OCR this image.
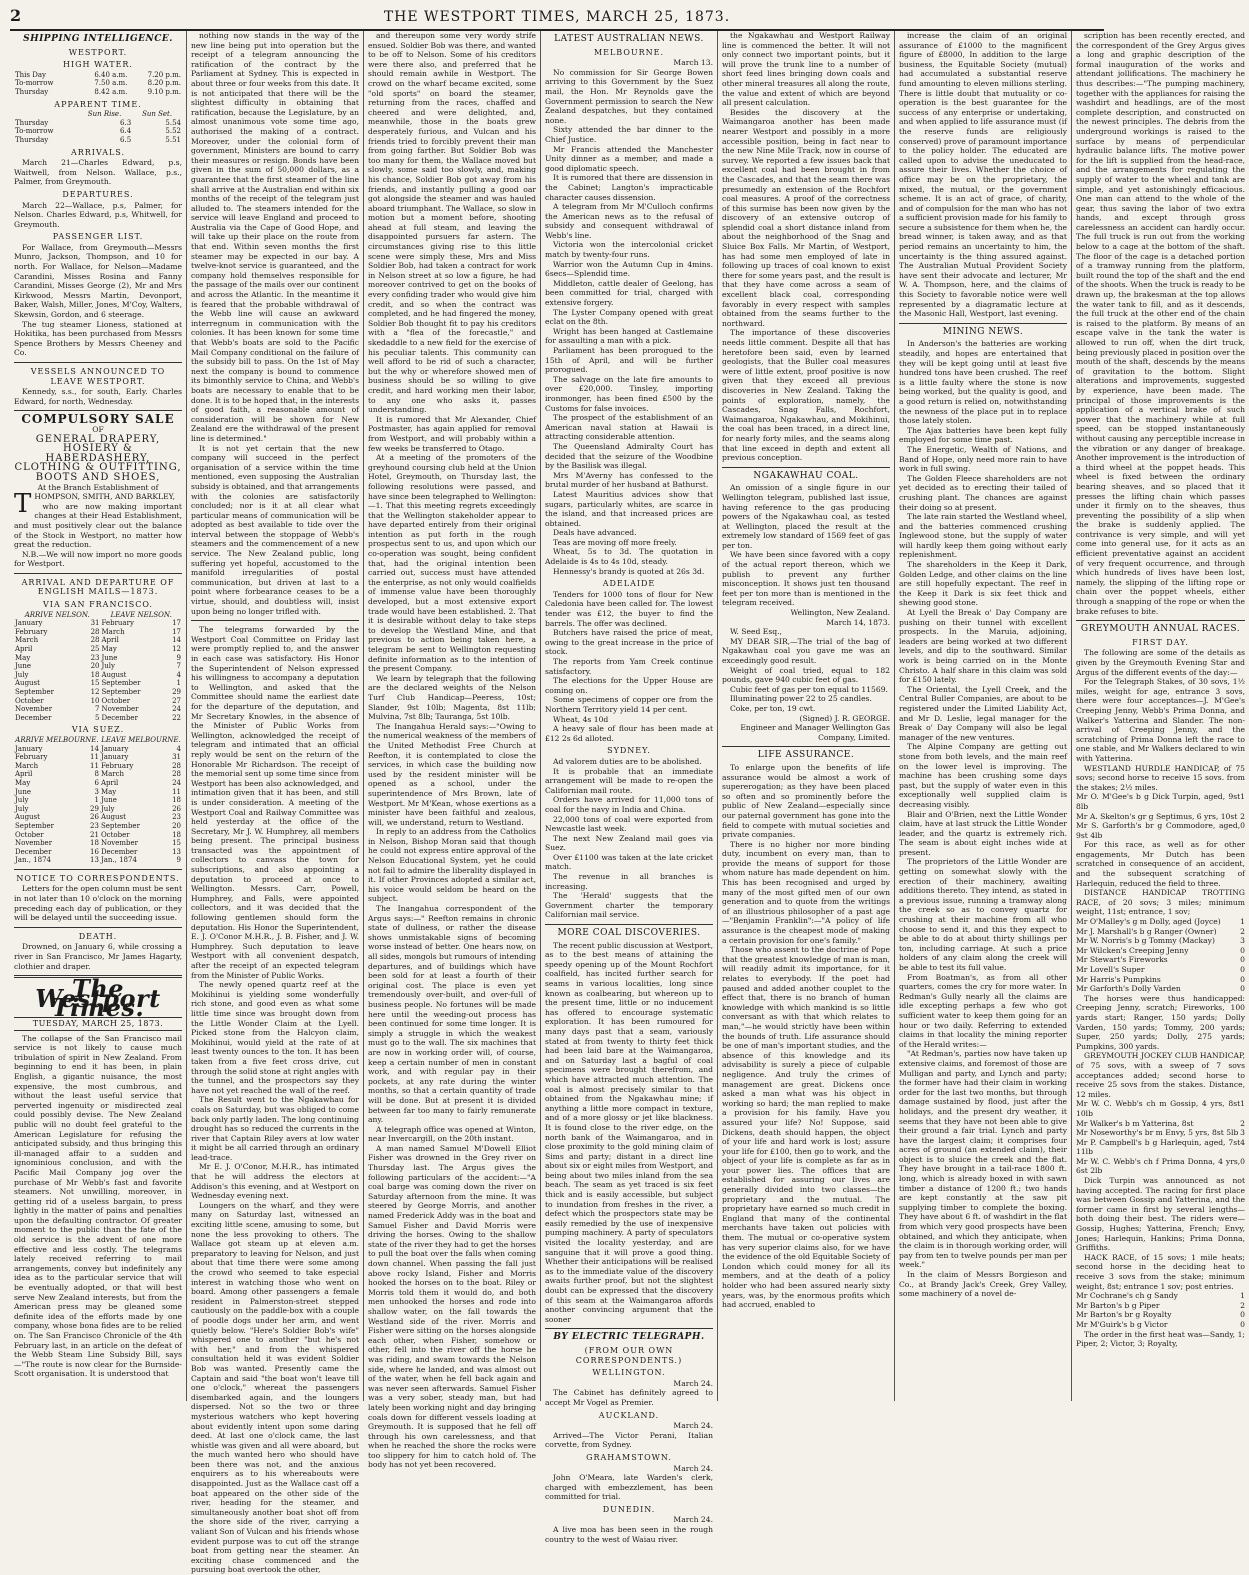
2	THE WESTPORT TIMES, MARCH 25, 1873.
SHIPPING INTELLIGENCE.
WESTPORT.
HIGH WATER.
This Day	6.40 a.m.	7.20 p.m.
To-morrow	7.50 a.m.	8.20 p.m.
Thursday	8.42 a.m.	9.10 p.m.
APPARENT TIME.
	Sun Rise.	Sun Set.
Thursday	6.3	5.54
To-morrow	6.4	5.52
Thursday	6.5	5.51
ARRIVALS.

March 21—Charles Edward, p.s, Waitwell, from Nelson. Wallace, p.s., Palmer, from Greymouth.

DEPARTURES.

March 22—Wallace, p.s, Palmer, for Nelson. Charles Edward, p.s, Whitwell, for Greymouth.

PASSENGER LIST.

For Wallace, from Greymouth—Messrs Munro, Jackson, Thompson, and 10 for north. For Wallace, for Nelson—Madame Carandini, Misses Rosina and Fanny Carandini, Misses George (2), Mr and Mrs Kirkwood, Messrs Martin, Devonport, Baker, Walsh, Miller, Jones, M'Coy, Walters, Skewsin, Gordon, and 6 steerage.

The tug steamer Lioness, stationed at Hokitika, has been purchased from Messrs Spence Brothers by Messrs Cheeney and Co.

VESSELS ANNOUNCED TO LEAVE WESTPORT.

Kennedy, s.s., for south, Early. Charles Edward, for north, Wednesday.

COMPULSORY SALE
OF
GENERAL DRAPERY,
HOSIERY & HABERDASHERY,
CLOTHING & OUTFITTING,
BOOTS AND SHOES,
At the Branch Establishment of

THOMPSON, SMITH, AND BARKLEY,

who are now making important changes at their Head Establishment, and must positively clear out the balance of the Stock in Westport, no matter how great the reduction.

N.B.—We will now import no more goods for Westport.

ARRIVAL AND DEPARTURE OF ENGLISH MAILS—1873.
VIA SAN FRANCISCO.
ARRIVE NELSON.		LEAVE NELSON.	
January	31	February	17
February	28	March	17
March	28	April	14
April	25	May	12
May	23	June	9
June	20	July	7
July	18	August	4
August	15	September	1
September	12	September	29
October	10	October	27
November	7	November	24
December	5	December	22
VIA SUEZ.
ARRIVE MELBOURNE.		LEAVE MELBOURNE.	
January	14	January	4
February	11	January	31
March	11	February	28
April	8	March	28
May	6	April	24
June	3	May	11
July	1	June	18
July	29	July	26
August	26	August	23
September	23	September	20
October	21	October	18
November	18	November	15
December	16	December	13
Jan., 1874	13	Jan., 1874	9
NOTICE TO CORRESPONDENTS.

Letters for the open column must be sent in not later than 10 o'clock on the morning preceding each day of publication, or they will be delayed until the succeeding issue.

DEATH.

Drowned, on January 6, while crossing a river in San Francisco, Mr James Hagarty, clothier and draper.

The Westport Times.
TUESDAY, MARCH 25, 1873.

The collapse of the San Francisco mail service is not likely to cause much tribulation of spirit in New Zealand. From beginning to end it has been, in plain English, a gigantic nuisance, the most expensive, the most cumbrous, and without the least useful service that perverted ingenuity or misdirected zeal could possibly devise. The New Zealand public will no doubt feel grateful to the American Legislature for refusing the anticipated subsidy, and thus bringing this ill-managed affair to a sudden and ignominious conclusion, and with the Pacific Mail Company jog over the purchase of Mr Webb's fast and favorite steamers. Not unwilling, moreover, in getting rid of a useless bargain, to press lightly in the matter of pains and penalties upon the defaulting contractor. Of greater moment to the public than the fate of the old service is the advent of one more effective and less costly. The telegrams lately received referring to mail arrangements, convey but indefinitely any idea as to the particular service that will be eventually adopted, or that will best serve New Zealand interests, but from the American press may be gleaned some definite idea of the efforts made by one company, whose bona fides are to be relied on. The San Francisco Chronicle of the 4th February last, in an article on the defeat of the Webb Steam Line Subsidy Bill, says—"The route is now clear for the Burnside-Scott organisation. It is understood that

nothing now stands in the way of the new line being put into operation but the receipt of a telegram announcing the ratification of the contract by the Parliament at Sydney. This is expected in about three or four weeks from this date. It is not anticipated that there will be the slightest difficulty in obtaining that ratification, because the Legislature, by an almost unanimous vote some time ago, authorised the making of a contract. Moreover, under the colonial form of government, Ministers are bound to carry their measures or resign. Bonds have been given in the sum of 50,000 dollars, as a guarantee that the first steamer of the line shall arrive at the Australian end within six months of the receipt of the telegram just alluded to. The steamers intended for the service will leave England and proceed to Australia via the Cape of Good Hope, and will take up their place on the route from that end. Within seven months the first steamer may be expected in our bay. A twelve-knot service is guaranteed, and the company hold themselves responsible for the passage of the mails over our continent and across the Atlantic. In the meantime it is feared that the probable withdrawal of the Webb line will cause an awkward interregnum in communication with the colonies. It has been known for some time that Webb's boats are sold to the Pacific Mail Company conditional on the failure of the subsidy bill to pass. On the 1st of May next the company is bound to commence its bimonthly service to China, and Webb's boats are necessary to enable that to be done. It is to be hoped that, in the interests of good faith, a reasonable amount of consideration will be shown for New Zealand ere the withdrawal of the present line is determined."

It is not yet certain that the new company will succeed in the perfect organisation of a service within the time mentioned, even supposing the Australian subsidy is obtained, and that arrangements with the colonies are satisfactorily concluded; nor is it at all clear what particular means of communication will be adopted as best available to tide over the interval between the stoppage of Webb's steamers and the commencement of a new service. The New Zealand public, long suffering yet hopeful, accustomed to the manifold irregularities of postal communication, but driven at last to a point where forbearance ceases to be a virtue, should, and doubtless will, insist upon being no longer trifled with.

The telegrams forwarded by the Westport Coal Committee on Friday last were promptly replied to, and the answer in each case was satisfactory. His Honor the Superintendent of Nelson expressed his willingness to accompany a deputation to Wellington, and asked that the Committee should name the earliest date for the departure of the deputation, and Mr Secretary Knowles, in the absence of the Minister of Public Works from Wellington, acknowledged the receipt of telegram and intimated that an official reply would be sent on the return of the Honorable Mr Richardson. The receipt of the memorial sent up some time since from Westport has been also acknowledged, and intimation given that it has been, and still is under consideration. A meeting of the Westport Coal and Railway Committee was held yesterday at the office of the Secretary, Mr J. W. Humphrey, all members being present. The principal business transacted was the appointment of collectors to canvass the town for subscriptions, and also appointing a deputation to proceed at once to Wellington. Messrs. Carr, Powell, Humphrey, and Falls, were appointed collectors, and it was decided that the following gentlemen should form the deputation. His Honor the Superintendent, E. J. O'Conor M.H.R., J. B. Fisher, and J. W. Humphrey. Such deputation to leave Westport with all convenient despatch, after the receipt of an expected telegram from the Minister of Public Works.

The newly opened quartz reef at the Mokihinui is yielding some wonderfully rich stone, and good even as what some little time since was brought down from the Little Wonder Claim at the Lyell. Picked stone from the Halcyon claim, Mokihinui, would yield at the rate of at least twenty ounces to the ton. It has been taken from a five feet cross drive, cut through the solid stone at right angles with the tunnel, and the prospectors say they have not yet reached the wall of the reef.

The Result went to the Ngakawhau for coals on Saturday, but was obliged to come back only partly laden. The long continuing drought has so reduced the currents in the river that Captain Riley avers at low water it might be all carried through an ordinary lead-trace.

Mr E. J. O'Conor, M.H.R., has intimated that he will address the electors at Addison's this evening, and at Westport on Wednesday evening next.

Loungers on the wharf, and they were many on Saturday last, witnessed an exciting little scene, amusing to some, but none the less provoking to others. The Wallace got steam up at eleven a.m. preparatory to leaving for Nelson, and just about that time there were some among the crowd who seemed to take especial interest in watching those who went on board. Among other passengers a female resident in Palmerston-street stepped cautiously on the paddle-box with a couple of poodle dogs under her arm, and went quietly below. "Here's Soldier Bob's wife" whispered one to another "but he's not with her," and from the whispered consultation held it was evident Soldier Bob was wanted. Presently came the Captain and said "the boat won't leave till one o'clock," whereat the passengers disembarked again, and the loungers dispersed. Not so the two or three mysterious watchers who kept hovering about evidently intent upon some daring deed. At last one o'clock came, the last whistle was given and all were aboard, but the much wanted hero who should have been there was not, and the anxious enquirers as to his whereabouts were disappointed. Just as the Wallace cast off a boat appeared on the other side of the river, heading for the steamer, and simultaneously another boat shot off from the shore side of the river, carrying a valiant Son of Vulcan and his friends whose evident purpose was to cut off the strange boat from getting near the steamer. An exciting chase commenced and the pursuing boat overtook the other,

and thereupon some very wordy strife ensued. Soldier Bob was there, and wanted to be off to Nelson. Some of his creditors were there also, and preferred that he should remain awhile in Westport. The crowd on the wharf became excited, some "old sports" on board the steamer, returning from the races, chaffed and cheered and were delighted, and, meanwhile, those in the boats grew desperately furious, and Vulcan and his friends tried to forcibly prevent their man from going farther. But Soldier Bob was too many for them, the Wallace moved but slowly, some said too slowly, and, making his chance, Soldier Bob got away from his friends, and instantly pulling a good oar got alongside the steamer and was hauled aboard triumphant. The Wallace, so slow in motion but a moment before, shooting ahead at full steam, and leaving the disappointed pursuers far astern. The circumstances giving rise to this little scene were simply these, Mrs and Miss Soldier Bob, had taken a contract for work in Nelson street at so low a figure, he had moreover contrived to get on the books of every confiding trader who would give him credit, and so when the contract was completed, and he had fingered the money, Soldier Bob thought fit to pay his creditors with a "flea of the forecastle," and skedaddle to a new field for the exercise of his peculiar talents. This community can well afford to be rid of such a character, but the why or wherefore showed men of business should be so willing to give credit, and hard working men their labor, to any one who asks it, passes understanding.

It is rumored that Mr Alexander, Chief Postmaster, has again applied for removal from Westport, and will probably within a few weeks be transferred to Otago.

At a meeting of the promoters of the greyhound coursing club held at the Union Hotel, Greymouth, on Thursday last, the following resolutions were passed, and have since been telegraphed to Wellington:—1. That this meeting regrets exceedingly that the Wellington stakeholder appear to have departed entirely from their original intention as put forth in the rough prospectus sent to us, and upon which our co-operation was sought, being confident that, had the original intention been carried out, success must have attended the enterprise, as not only would coalfields of immense value have been thoroughly developed, but a most extensive export trade would have been established. 2. That it is desirable without delay to take steps to develop the Westland Mine, and that previous to action being taken here, a telegram be sent to Wellington requesting definite information as to the intention of the present Company.

We learn by telegraph that the following are the declared weights of the Nelson Turf Club Handicap—Peeress, 10st; Slander, 9st 10lb; Magenta, 8st 11lb; Mulvina, 7st 8lb; Tauranga, 5st 10lb.

The Inangahua Herald says:—"Owing to the numerical weakness of the members of the United Methodist Free Church at Reefton, it is contemplated to close the services, in which case the building now used by the resident minister will be opened as a school, under the superintendence of Mrs Brown, late of Westport. Mr M'Kean, whose exertions as a minister have been faithful and zealous, will, we understand, return to Westland.

In reply to an address from the Catholics in Nelson, Bishop Moran said that though he could not express entire approval of the Nelson Educational System, yet he could not fail to admire the liberality displayed in it. If other Provinces adopted a similar act, his voice would seldom be heard on the subject.

The Inangahua correspondent of the Argus says:—" Reefton remains in chronic state of dullness, or rather the disease shows unmistakable signs of becoming worse instead of better. One hears now, on all sides, mongols but rumours of intending departures, and of buildings which have been sold for at least a fourth of their original cost. The place is even yet tremendously over-built, and over-full of business people. No fortunes will be made here until the weeding-out process has been continued for some time longer. It is simply a struggle in which the weakest must go to the wall. The six machines that are now in working order will, of course, keep a certain number of men in constant work, and with regular pay in their pockets, at any rate during the winter months, so that a certain quantity of trade will be done. But at present it is divided between far too many to fairly remunerate any.

A telegraph office was opened at Winton, near Invercargill, on the 20th instant.

A man named Samuel M'Dowell Elliot Fisher was drowned in the Grey river on Thursday last. The Argus gives the following particulars of the accident:—"A coal barge was coming down the river on Saturday afternoon from the mine. It was steered by George Morris, and another named Frederick Addy was in the boat and Samuel Fisher and David Morris were driving the horses. Owing to the shallow state of the river they had to get the horses to pull the boat over the falls when coming down channel. When passing the fall just above rocky Island, Fisher and Morris hooked the horses on to the boat. Riley or Morris told them it would do, and both men unhooked the horses and rode into shallow water, on the fall towards the Westland side of the river. Morris and Fisher were sitting on the horses alongside each other, when Fisher, somehow or other, fell into the river off the horse he was riding, and swam towards the Nelson side, where he landed, and was almost out of the water, when he fell back again and was never seen afterwards. Samuel Fisher was a very sober, steady man, but had lately been working night and day bringing coals down for different vessels loading at Greymouth. It is supposed that he fell off through his own carelessness, and that when he reached the shore the rocks were too slippery for him to catch hold of. The body has not yet been recovered.

LATEST AUSTRALIAN NEWS.
MELBOURNE.

March 13.

No commission for Sir George Bowen arriving to this Government by the Suez mail, the Hon. Mr Reynolds gave the Government permission to search the New Zealand despatches, but they contained none.

Sixty attended the bar dinner to the Chief Justice.

Mr Francis attended the Manchester Unity dinner as a member, and made a good diplomatic speech.

It is rumored that there are dissension in the Cabinet; Langton's impracticable character causes dissension.

A telegram from Mr M'Culloch confirms the American news as to the refusal of subsidy and consequent withdrawal of Webb's line.

Victoria won the intercolonial cricket match by twenty-four runs.

Warrior won the Autumn Cup in 4mins. 6secs—Splendid time.

Middleton, cattle dealer of Geelong, has been committed for trial, charged with extensive forgery.

The Lyster Company opened with great eclat on the 8th.

Wright has been hanged at Castlemaine for assaulting a man with a pick.

Parliament has been prorogued to the 15th of April, and will be further prorogued.

The salvage on the late fire amounts to over £20,000. Tinsley, importing ironmonger, has been fined £500 by the Customs for false invoices.

The prospect of the establishment of an American naval station at Hawaii is attracting considerable attention.

The Queensland Admiralty Court has decided that the seizure of the Woodbine by the Basilisk was illegal.

Mrs M'Averny has confessed to the brutal murder of her husband at Bathurst.

Latest Mauritius advices show that sugars, particularly whites, are scarce in the island, and that increased prices are obtained.

Deals have advanced.

Teas are moving off more freely.

Wheat, 5s to 3d. The quotation in Adelaide is 4s to 4s 10d, steady.

Hennessy's brandy is quoted at 26s 3d.

ADELAIDE

Tenders for 1000 tons of flour for New Caledonia have been called for. The lowest tender was £12, the buyer to find the barrels. The offer was declined.

Butchers have raised the price of meat, owing to the great increase in the price of stock.

The reports from Yam Creek continue satisfactory.

The elections for the Upper House are coming on.

Some specimens of copper ore from the Northern Territory yield 14 per cent.

Wheat, 4s 10d

A heavy sale of flour has been made at £12 2s 6d alloted.

SYDNEY.

Ad valorem duties are to be abolished.

It is probable that an immediate arrangement will be made to re-open the Californian mail route.

Orders have arrived for 11,000 tons of coal for the navy in India and China.

22,000 tons of coal were exported from Newcastle last week.

The next New Zealand mail goes via Suez.

Over £1100 was taken at the late cricket match.

The revenue in all branches is increasing.

The 'Herald' suggests that the Government charter the temporary Californian mail service.

MORE COAL DISCOVERIES.

The recent public discussion at Westport, as to the best means of attaining the speedy opening up of the Mount Rochfort coalfield, has incited further search for seams in various localities, long since known as coalbearing, but whereon up to the present time, little or no inducement has offered to encourage systematic exploration. It has been rumoured for many days past that a seam, variously stated at from twenty to thirty feet thick had been laid bare at the Waimangaroa, and on Saturday last a bagful of coal specimens were brought therefrom, and which have attracted much attention. The coal is almost precisely similar to that obtained from the Ngakawhau mine; if anything a little more compact in texture, and of a more glossy or jet like blackness. It is found close to the river edge, on the north bank of the Waimangaroa, and in close proximity to the gold mining claim of Sims and party; distant in a direct line about six or eight miles from Westport, and being about two miles inland from the sea beach. The seam as yet traced is six feet thick and is easily accessible, but subject to inundation from freshes in the river, a defect which the prospectors state may be easily remedied by the use of inexpensive pumping machinery. A party of speculators visited the locality yesterday, and are sanguine that it will prove a good thing. Whether their anticipations will be realised as to the immediate value of the discovery awaits further proof, but not the slightest doubt can be expressed that the discovery of this seam at the Waimangaroa affords another convincing argument that the sooner

BY ELECTRIC TELEGRAPH.
(FROM OUR OWN CORRESPONDENTS.)
WELLINGTON.

March 24.

The Cabinet has definitely agreed to accept Mr Vogel as Premier.

AUCKLAND.

March 24.

Arrived—The Victor Perani, Italian corvette, from Sydney.

GRAHAMSTOWN.

March 24.

John O'Meara, late Warden's clerk, charged with embezzlement, has been committed for trial.

DUNEDIN.

March 24.

A live moa has been seen in the rough country to the west of Waiau river.

the Ngakawhau and Westport Railway line is commenced the better. It will not only connect two important points, but it will prove the trunk line to a number of short feed lines bringing down coals and other mineral treasures all along the route, the value and extent of which are beyond all present calculation.

Besides the discovery at the Waimangaroa another has been made nearer Westport and possibly in a more accessible position, being in fact near to the new Nine Mile Track, now in course of survey. We reported a few issues back that excellent coal had been brought in from the Cascades, and that the seam there was presumedly an extension of the Rochfort coal measures. A proof of the correctness of this surmise has been now given by the discovery of an extensive outcrop of splendid coal a short distance inland from about the neighborhood of the Snag and Sluice Box Falls. Mr Martin, of Westport, has had some men employed of late in following up traces of coal known to exist there for some years past, and the result is that they have come across a seam of excellent black coal, corresponding favorably in every respect with samples obtained from the seams further to the northward.

The importance of these discoveries needs little comment. Despite all that has heretofore been said, even by learned geologists, that the Buller coal measures were of little extent, proof positive is now given that they exceed all previous discoveries in New Zealand. Taking the points of exploration, namely, the Cascades, Snag Falls, Rochfort, Waimangaroa, Ngakawhau, and Mokihinui, the coal has been traced, in a direct line, for nearly forty miles, and the seams along that line exceed in depth and extent all previous conception.

NGAKAWHAU COAL.

An omission of a single figure in our Wellington telegram, published last issue, having reference to the gas producing powers of the Ngakawhau coal, as tested at Wellington, placed the result at the extremely low standard of 1569 feet of gas per ton.

We have been since favored with a copy of the actual report thereon, which we publish to prevent any further misconception. It shows just ten thousand feet per ton more than is mentioned in the telegram received.

Wellington, New Zealand.

March 14, 1873.

W. Seed Esq.,

MY DEAR SIR,—The trial of the bag of Ngakawhau coal you gave me was an exceedingly good result.

Weight of coal tried, equal to 182 pounds, gave 940 cubic feet of gas.

Cubic feet of gas per ton equal to 11569.

Illuminating power 22 to 25 candles.

Coke, per ton, 19 cwt.

(Signed) J. R. GEORGE.

Engineer and Manager Wellington Gas Company, Limited.

LIFE ASSURANCE.

To enlarge upon the benefits of life assurance would be almost a work of supererogation; as they have been placed so often and so prominently before the public of New Zealand—especially since our paternal government has gone into the field to compete with mutual societies and private companies.

There is no higher nor more binding duty, incumbent on every man, than to provide the means of support for those whom nature has made dependent on him. This has been recognised and urged by many of the most gifted men of our own generation and to quote from the writings of an illustrious philosopher of a past age—"Benjamin Franklin":—"A policy of life assurance is the cheapest mode of making a certain provision for one's family."

Those who assent to the doctrine of Pope that the greatest knowledge of man is man, will readily admit its importance, for it relates to everybody. If the poet had paused and added another couplet to the effect that, there is no branch of human knowledge with which mankind is so little conversant as with that which relates to man,"—he would strictly have been within the bounds of truth. Life assurance should be one of man's important studies, and the absence of this knowledge and its advisability is surely a piece of culpable negligence. And truly the crimes of management are great. Dickens once asked a man what was his object in working so hard; the man replied to make a provision for his family. Have you assured your life? No! Suppose, said Dickens, death should happen, the object of your life and hard work is lost; assure your life for £100, then go to work, and the object of your life is complete as far as in your power lies. The offices that are established for assuring our lives are generally divided into two classes—the proprietary and the mutual. The proprietary have earned so much credit in England that many of the continental merchants have taken out policies with them. The mutual or co-operative system has very superior claims also, for we have the evidence of the old Equitable Society of London which could money for all its members, and at the death of a policy holder who had been assured nearly sixty years, was, by the enormous profits which had accrued, enabled to

increase the claim of an original assurance of £1000 to the magnificent figure of £8000, In addition to the large business, the Equitable Society (mutual) had accumulated a substantial reserve fund amounting to eleven millions sterling. There is little doubt that mutuality or co-operation is the best guarantee for the success of any enterprise or undertaking, and when applied to life assurance must (if the reserve funds are religiously conserved) prove of paramount importance to the policy holder. The educated are called upon to advise the uneducated to assure their lives. Whether the choice of office may be on the proprietary, the mixed, the mutual, or the government scheme. It is an act of grace, of charity, and of compulsion for the man who has not a sufficient provision made for his family to secure a subsistence for them when he, the bread winner, is taken away, and as that period remains an uncertainty to him, the uncertainty is the thing assured against. The Australian Mutual Provident Society have sent their advocate and lecturer, Mr W. A. Thompson, here, and the claims of this Society to favorable notice were well represented by a diagramatic lecture at the Masonic Hall, Westport, last evening.

MINING NEWS.

In Anderson's the batteries are working steadily, and hopes are entertained that they will be kept going until at least five hundred tons have been crushed. The reef is a little faulty where the stone is now being worked, but the quality is good, and a good return is relied on, notwithstanding the newness of the place put in to replace those lately stolen.

The Ajax batteries have been kept fully employed for some time past.

The Energetic, Wealth of Nations, and Band of Hope, only need more rain to have work in full swing.

The Golden Fleece shareholders are not yet decided as to erecting their tailed of crushing plant. The chances are against their doing so at present.

The late rain started the Westland wheel, and the batteries commenced crushing Inglewood stone, but the supply of water will hardly keep them going without early replenishment.

The shareholders in the Keep it Dark, Golden Ledge, and other claims on the line are still hopefully expectant. The reef in the Keep it Dark is six feet thick and shewing good stone.

At Lyell the Break o' Day Company are pushing on their tunnel with excellent prospects. In the Maruia, adjoining, leaders are being worked at two different levels, and dip to the southward. Similar work is being carried on in the Monte Christo. A half share in this claim was sold for £150 lately.

The Oriental, the Lyell Creek, and the Central Buller Companies, are about to be registered under the Limited Liability Act, and Mr D. Leslie, legal manager for the Break o' Day Company will also be legal manager of the new ventures.

The Alpine Company are getting out stone from both levels, and the main reef on the lower level is improving. The machine has been crushing some days past, but the supply of water even in this exceptionally well supplied claim is decreasing visibly.

Blair and O'Brien, next the Little Wonder claim, have at last struck the Little Wonder leader, and the quartz is extremely rich. The seam is about eight inches wide at present.

The proprietors of the Little Wonder are getting on somewhat slowly with the erection of their machinery, awaiting additions thereto. They intend, as stated in a previous issue, running a tramway along the creek so as to convey quartz for crushing at their machine from all who choose to send it, and this they expect to be able to do at about thirty shillings per ton, including carriage. At such a price holders of any claim along the creek will be able to test its full value.

From Boatman's, as from all other quarters, comes the cry for more water. In Redman's Gully nearly all the claims are idle excepting perhaps a few who got sufficient water to keep them going for an hour or two daily. Referring to extended claims in that locality the mining reporter of the Herald writes:—

"At Redman's, parties now have taken up extensive claims, and foremost of those are Mulligan and party, and Lynch and party; the former have had their claim in working order for the last two months, but through damage sustained by flood, just after the holidays, and the present dry weather, it seems that they have not been able to give their ground a fair trial. Lynch and party have the largest claim; it comprises four acres of ground (an extended claim), their object is to sluice the creek and the flat. They have brought in a tail-race 1800 ft. long, which is already boxed in with sawn timber a distance of 1200 ft.; two hands are kept constantly at the saw pit supplying timber to complete the boxing. They have about 6 ft. of washdirt in the flat from which very good prospects have been obtained, and which they anticipate, when the claim is in thorough working order, will pay from ten to twelve pounds per man per week."

In the claim of Messrs Borgieson and Co., at Brandy Jack's Creek, Grey Valley, some machinery of a novel de-

scription has been recently erected, and the correspondent of the Grey Argus gives a long and graphic description of the formal inauguration of the works and attendant jollifications. The machinery he thus describes:—"The pumping machinery, together with the appliances for raising the washdirt and headlings, are of the most complete description, and constructed on the newest principles. The debris from the underground workings is raised to the surface by means of perpendicular hydraulic balance lifts. The motive power for the lift is supplied from the head-race, and the arrangements for regulating the supply of water to the wheel and tank are simple, and yet astonishingly efficacious. One man can attend to the whole of the gear, thus saving the labor of two extra hands, and except through gross carelessness an accident can hardly occur. The full truck is run out from the working below to a cage at the bottom of the shaft. The floor of the cage is a detached portion of a tramway running from the platform, built round the top of the shaft and the end of the shoots. When the truck is ready to be drawn up, the brakesman at the top allows the water tank to fill, and as it descends, the full truck at the other end of the chain is raised to the platform. By means of an escape valve in the tank the water is allowed to run off, when the dirt truck, being previously placed in position over the mouth of the shaft, descends by the means of gravitation to the bottom. Slight alterations and improvements, suggested by experience, have been made. The principal of those improvements is the application of a vertical brake of such power that the machinery while at full speed, can be stopped instantaneously without causing any perceptible increase in the vibration or any danger of breakage. Another improvement is the introduction of a third wheel at the poppet heads. This wheel is fixed between the ordinary bearing sheaves, and so placed that it presses the lifting chain which passes under it firmly on to the sheaves, thus preventing the possibility of a slip when the brake is suddenly applied. The contrivance is very simple, and will yet come into general use, for it acts as an efficient preventative against an accident of very frequent occurrence, and through which hundreds of lives have been lost, namely, the slipping of the lifting rope or chain over the poppet wheels, either through a snapping of the rope or when the brake refuses to bite.

GREYMOUTH ANNUAL RACES.
FIRST DAY.

The following are some of the details as given by the Greymouth Evening Star and Argus of the different events of the day:—

For the Telegraph Stakes, of 30 sovs, 1½ miles, weight for age, entrance 3 sovs, there were four acceptances—J. M'Gee's Creeping Jenny, Webb's Prima Donna, and Walker's Yatterina and Slander. The non-arrival of Creeping Jenny, and the scratching of Prima Donna left the race to one stable, and Mr Walkers declared to win with Yatterina.

WESTLAND HURDLE HANDICAP, of 75 sovs; second horse to receive 15 sovs. from the stakes; 2½ miles.

1
Mr O. M'Gee's b g Dick Turpin, aged, 9st 8lb

2
Mr A. Skelton's gr g Septimus, 6 yrs, 10st

0
Mr S. Garforth's br g Commodore, aged, 9st 4lb

For this race, as well as for other engagements, Mr Dutch has been scratched in consequence of an accident, and the subsequent scratching of Harlequin, reduced the field to three.

DISTANCE HANDICAP TROTTING RACE, of 20 sovs; 3 miles; minimum weight, 11st; entrance, 1 sov;

1
Mr O'Malley's g m Dolly, aged (Joyce)

2
Mr J. Marshall's b g Ranger (Owner)

3
Mr W. Norris's b g Tommy (Mackay)

0
Mr Wilcken's Creeping Jenny

0
Mr Stewart's Fireworks

0
Mr Lovell's Super

0
Mr Harris's Pumpkins

0
Mr Garforth's Dolly Varden

The horses were thus handicapped: Creeping Jenny, scratch; Fireworks, 100 yards start; Ranger, 150 yards; Dolly Varden, 150 yards; Tommy, 200 yards; Super, 250 yards; Dolly, 275 yards; Pumpkins, 300 yards.

GREYMOUTH JOCKEY CLUB HANDICAP, of 75 sovs, with a sweep of 7 sovs acceptances added; second horse to receive 25 sovs from the stakes. Distance, 12 miles.

1
Mr W. C. Webb's ch m Gossip, 4 yrs, 8st 10lb

2
Mr Walker's b m Yatterina, 8st

3
Mr Noseworthy's br m Envy, 5 yrs, 8st 5lb

4
Mr P. Campbell's b g Harlequin, aged, 7st 11lb

0
Mr W. C. Webb's ch f Prima Donna, 4 yrs, 6st 2lb

Dick Turpin was announced as not having accepted. The racing for first place was between Gossip and Yatterina, and the former came in first by several lengths—both doing their best. The riders were—Gossip, Hughes; Yatterina, French; Envy, Jones; Harlequin, Hankins; Prima Donna, Griffiths.

HACK RACE, of 15 sovs; 1 mile heats; second horse in the deciding heat to receive 3 sovs from the stake; minimum weight, 8st; entrance 1 sov; post entries.

1
Mr Cochrane's ch g Sandy

2
Mr Barton's b g Piper

0
Mr Barton's br g Royalty

0
Mr M'Guirk's b g Victor

The order in the first heat was—Sandy, 1; Piper, 2; Victor, 3; Royalty,
